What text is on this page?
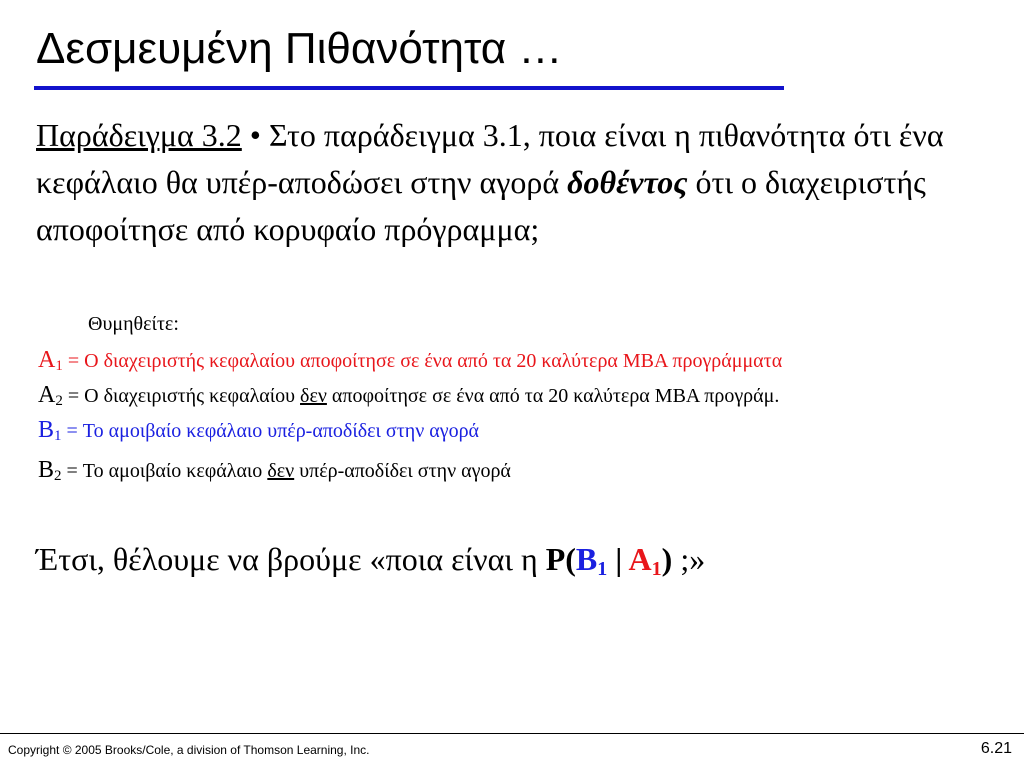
Δεσμευμένη Πιθανότητα …
Παράδειγμα 3.2 • Στο παράδειγμα 3.1, ποια είναι η πιθανότητα ότι ένα κεφάλαιο θα υπέρ-αποδώσει στην αγορά δοθέντος ότι ο διαχειριστής αποφοίτησε από κορυφαίο πρόγραμμα;
Θυμηθείτε:
$A_1 = O$ διαχειριστής κεφαλαίου αποφοίτησε σε ένα από τα 20 καλύτερα MBA προγράμματα
$A_2 = O$ διαχειριστής κεφαλαίου δεν αποφοίτησε σε ένα από τα 20 καλύτερα MBA προγράμ.
$B_1 = To$ αμοιβαίο κεφάλαιο υπέρ-αποδίδει στην αγορά
$B_2 = To$ αμοιβαίο κεφάλαιο δεν υπέρ-αποδίδει στην αγορά
Έτσι, θέλουμε να βρούμε «ποια είναι η $P(B_1$ | $A_1$) ;»
Copyright © 2005 Brooks/Cole, a division of Thomson Learning, Inc.	6.21
